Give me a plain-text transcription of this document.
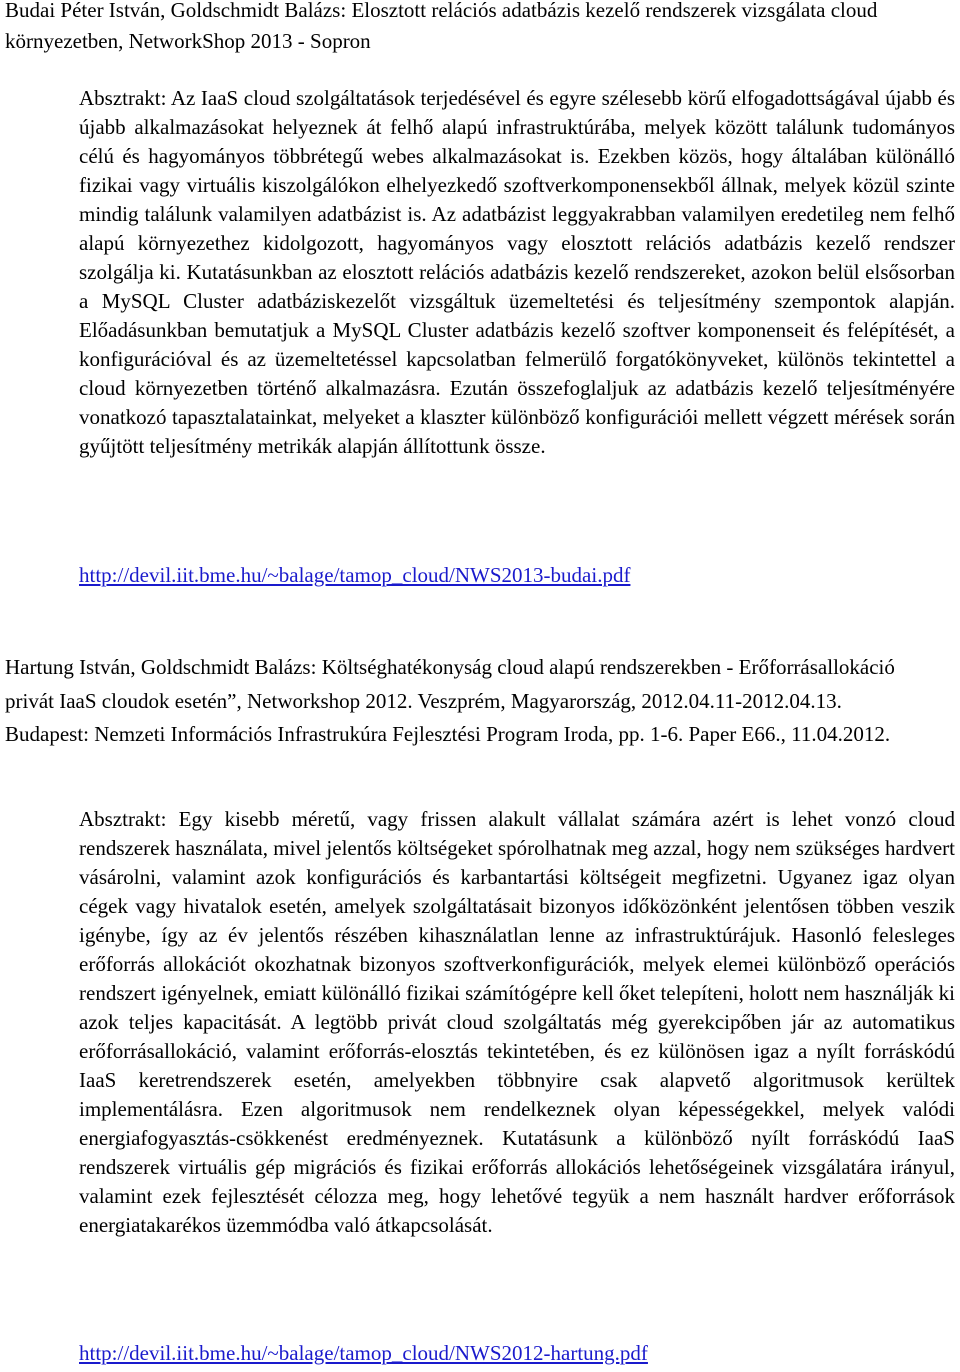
Budai Péter István, Goldschmidt Balázs: Elosztott relációs adatbázis kezelő rendszerek vizsgálata cloud környezetben, NetworkShop 2013 - Sopron

Absztrakt: Az IaaS cloud szolgáltatások terjedésével és egyre szélesebb körű elfogadottságával újabb és újabb alkalmazásokat helyeznek át felhő alapú infrastruktúrába, melyek között találunk tudományos célú és hagyományos többrétegű webes alkalmazásokat is. Ezekben közös, hogy általában különálló fizikai vagy virtuális kiszolgálókon elhelyezkedő szoftverkomponensekből állnak, melyek közül szinte mindig találunk valamilyen adatbázist is. Az adatbázist leggyakrabban valamilyen eredetileg nem felhő alapú környezethez kidolgozott, hagyományos vagy elosztott relációs adatbázis kezelő rendszer szolgálja ki. Kutatásunkban az elosztott relációs adatbázis kezelő rendszereket, azokon belül elsősorban a MySQL Cluster adatbáziskezelőt vizsgáltuk üzemeltetési és teljesítmény szempontok alapján. Előadásunkban bemutatjuk a MySQL Cluster adatbázis kezelő szoftver komponenseit és felépítését, a konfigurációval és az üzemeltetéssel kapcsolatban felmerülő forgatókönyveket, különös tekintettel a cloud környezetben történő alkalmazásra. Ezután összefoglaljuk az adatbázis kezelő teljesítményére vonatkozó tapasztalatainkat, melyeket a klaszter különböző konfigurációi mellett végzett mérések során gyűjtött teljesítmény metrikák alapján állítottunk össze.

http://devil.iit.bme.hu/~balage/tamop_cloud/NWS2013-budai.pdf

Hartung István, Goldschmidt Balázs: Költséghatékonyság cloud alapú rendszerekben - Erőforrásallokáció privát IaaS cloudok esetén”, Networkshop 2012. Veszprém, Magyarország, 2012.04.11-2012.04.13. Budapest: Nemzeti Információs Infrastrukúra Fejlesztési Program Iroda, pp. 1-6. Paper E66., 11.04.2012.

Absztrakt: Egy kisebb méretű, vagy frissen alakult vállalat számára azért is lehet vonzó cloud rendszerek használata, mivel jelentős költségeket spórolhatnak meg azzal, hogy nem szükséges hardvert vásárolni, valamint azok konfigurációs és karbantartási költségeit megfizetni. Ugyanez igaz olyan cégek vagy hivatalok esetén, amelyek szolgáltatásait bizonyos időközönként jelentősen többen veszik igénybe, így az év jelentős részében kihasználatlan lenne az infrastruktúrájuk. Hasonló felesleges erőforrás allokációt okozhatnak bizonyos szoftverkonfigurációk, melyek elemei különböző operációs rendszert igényelnek, emiatt különálló fizikai számítógépre kell őket telepíteni, holott nem használják ki azok teljes kapacitását. A legtöbb privát cloud szolgáltatás még gyerekcipőben jár az automatikus erőforrásallokáció, valamint erőforrás-elosztás tekintetében, és ez különösen igaz a nyílt forráskódú IaaS keretrendszerek esetén, amelyekben többnyire csak alapvető algoritmusok kerültek implementálásra. Ezen algoritmusok nem rendelkeznek olyan képességekkel, melyek valódi energiafogyasztás-csökkenést eredményeznek. Kutatásunk a különböző nyílt forráskódú IaaS rendszerek virtuális gép migrációs és fizikai erőforrás allokációs lehetőségeinek vizsgálatára irányul, valamint ezek fejlesztését célozza meg, hogy lehetővé tegyük a nem használt hardver erőforrások energiatakarékos üzemmódba való átkapcsolását.

http://devil.iit.bme.hu/~balage/tamop_cloud/NWS2012-hartung.pdf
